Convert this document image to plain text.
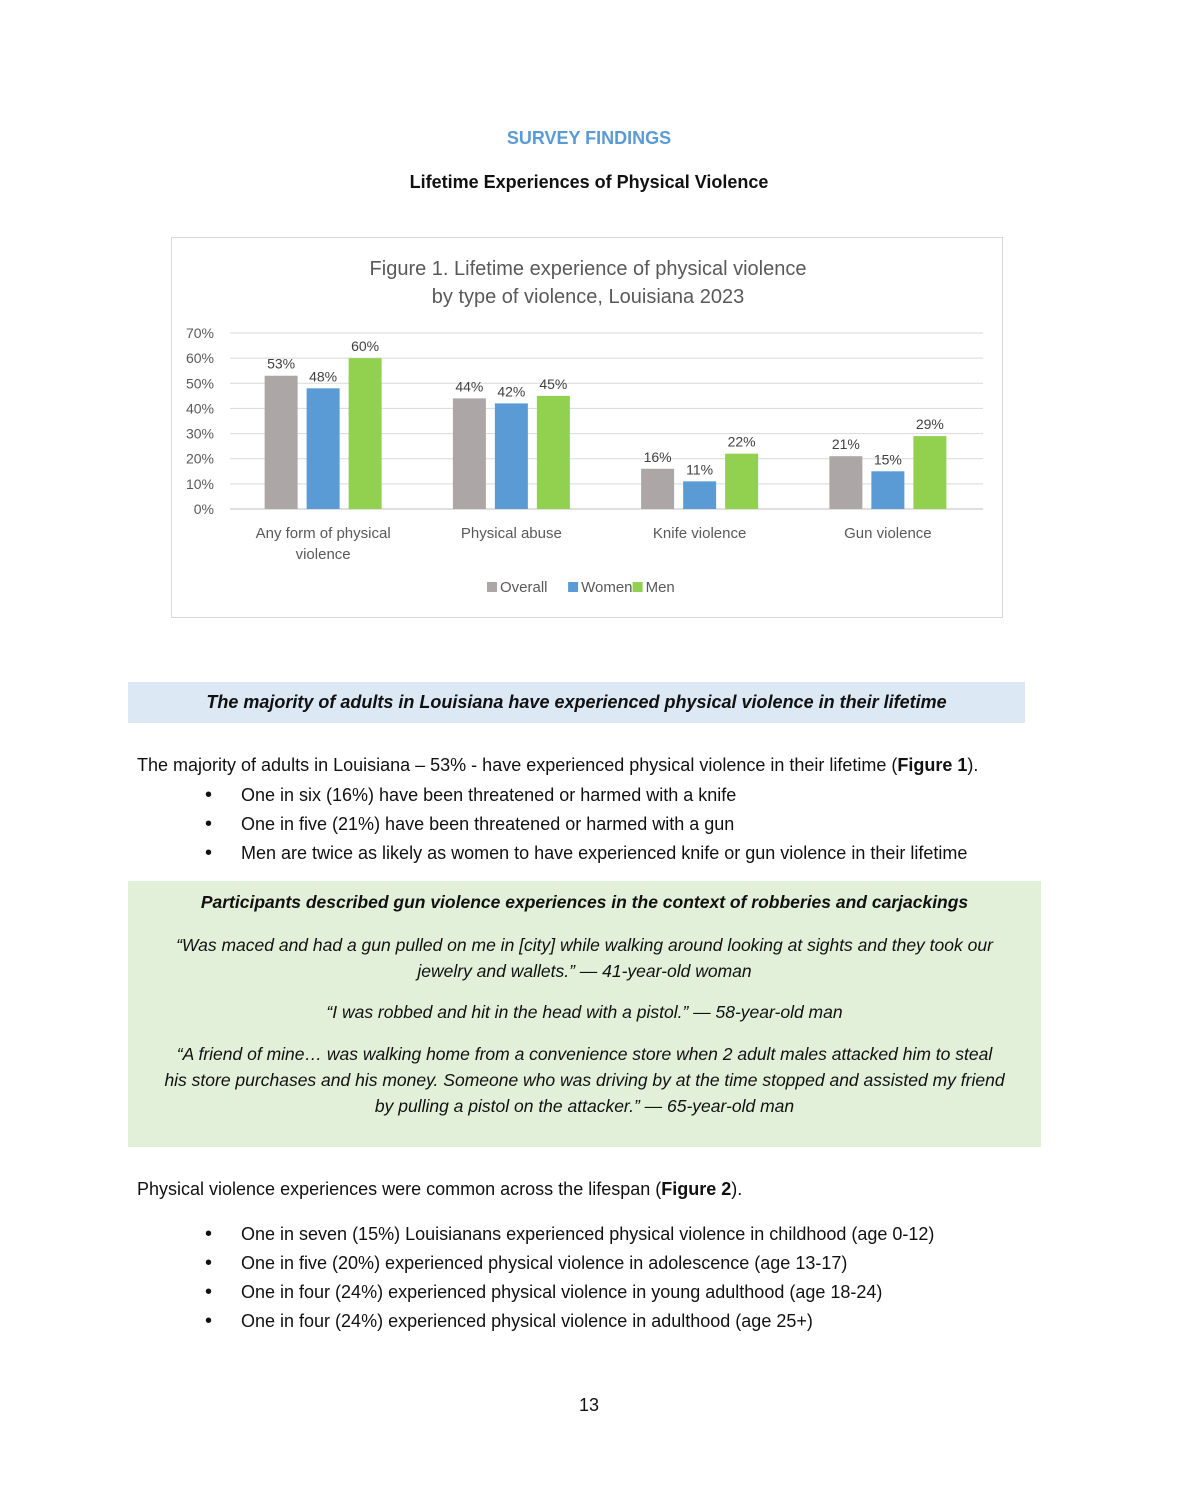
SURVEY FINDINGS
Lifetime Experiences of Physical Violence
Figure 1. Lifetime experience of physical violence
by type of violence, Louisiana 2023
0%
10%
20%
30%
40%
50%
60%
70%
53%
48%
60%
Any form of physical
violence
44% 42% 45%
Physical abuse
16%
11%
22%
Knife violence
21%
15%
29%
Gun violence
Overall Women Men
The majority of adults in Louisiana have experienced physical violence in their lifetime
The majority of adults in Louisiana – 53% - have experienced physical violence in their lifetime (Figure 1).
• One in six (16%) have been threatened or harmed with a knife
• One in five (21%) have been threatened or harmed with a gun
• Men are twice as likely as women to have experienced knife or gun violence in their lifetime
Participants described gun violence experiences in the context of robberies and carjackings
“Was maced and had a gun pulled on me in [city] while walking around looking at sights and they took our
jewelry and wallets.” — 41-year-old woman
“I was robbed and hit in the head with a pistol.” — 58-year-old man
“A friend of mine… was walking home from a convenience store when 2 adult males attacked him to steal
his store purchases and his money. Someone who was driving by at the time stopped and assisted my friend
by pulling a pistol on the attacker.” — 65-year-old man
Physical violence experiences were common across the lifespan (Figure 2).
• One in seven (15%) Louisianans experienced physical violence in childhood (age 0-12)
• One in five (20%) experienced physical violence in adolescence (age 13-17)
• One in four (24%) experienced physical violence in young adulthood (age 18-24)
• One in four (24%) experienced physical violence in adulthood (age 25+)
13
